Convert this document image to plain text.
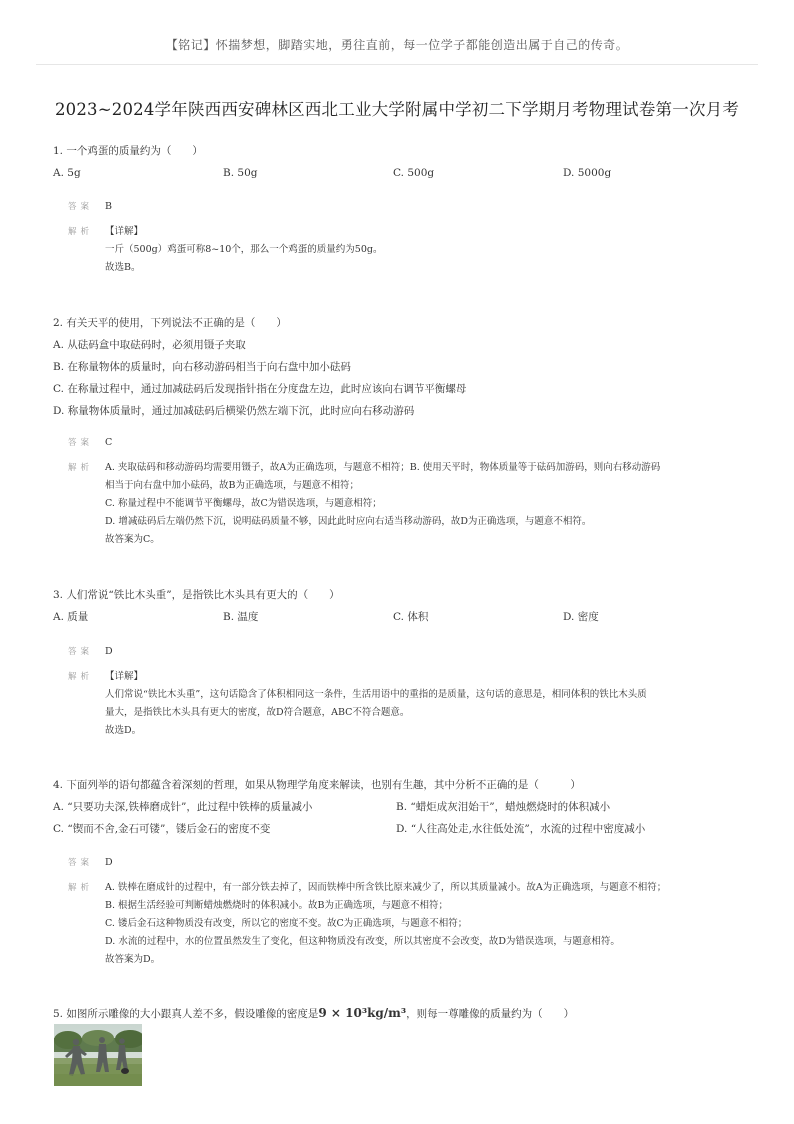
【铭记】怀揣梦想，脚踏实地，勇往直前，每一位学子都能创造出属于自己的传奇。
2023~2024学年陕西西安碑林区西北工业大学附属中学初二下学期月考物理试卷第一次月考
1. 一个鸡蛋的质量约为（　　）
A. 5g	B. 50g	C. 500g	D. 5000g
答案 B
解析 【详解】
一斤（500g）鸡蛋可称8~10个，那么一个鸡蛋的质量约为50g。
故选B。
2. 有关天平的使用，下列说法不正确的是（　　）
A. 从砝码盒中取砝码时，必须用镊子夹取
B. 在称量物体的质量时，向右移动游码相当于向右盘中加小砝码
C. 在称量过程中，通过加减砝码后发现指针指在分度盘左边，此时应该向右调节平衡螺母
D. 称量物体质量时，通过加减砝码后横梁仍然左端下沉，此时应向右移动游码
答案 C
解析 A. 夹取砝码和移动游码均需要用镊子，故A为正确选项，与题意不相符；B. 使用天平时，物体质量等于砝码加游码，则向右移动游码
相当于向右盘中加小砝码，故B为正确选项，与题意不相符；
C. 称量过程中不能调节平衡螺母，故C为错误选项，与题意相符；
D. 增减砝码后左端仍然下沉，说明砝码质量不够，因此此时应向右适当移动游码，故D为正确选项，与题意不相符。
故答案为C。
3. 人们常说“铁比木头重”，是指铁比木头具有更大的（　　）
A. 质量	B. 温度	C. 体积	D. 密度
答案 D
解析 【详解】
人们常说“铁比木头重”，这句话隐含了体积相同这一条件，生活用语中的重指的是质量，这句话的意思是，相同体积的铁比木头质
量大，是指铁比木头具有更大的密度，故D符合题意，ABC不符合题意。
故选D。
4. 下面列举的语句都蕴含着深刻的哲理，如果从物理学角度来解读，也别有生趣，其中分析不正确的是（　　　）
A. “只要功夫深,铁棒磨成针”，此过程中铁棒的质量减小	B. “蜡炬成灰泪始干”，蜡烛燃烧时的体积减小
C. “锲而不舍,金石可镂”，镂后金石的密度不变	D. “人往高处走,水往低处流”，水流的过程中密度减小
答案 D
解析 A. 铁棒在磨成针的过程中，有一部分铁去掉了，因而铁棒中所含铁比原来减少了，所以其质量减小。故A为正确选项，与题意不相符；
B. 根据生活经验可判断蜡烛燃烧时的体积减小。故B为正确选项，与题意不相符；
C. 镂后金石这种物质没有改变，所以它的密度不变。故C为正确选项，与题意不相符；
D. 水流的过程中，水的位置虽然发生了变化，但这种物质没有改变，所以其密度不会改变，故D为错误选项，与题意相符。
故答案为D。
5. 如图所示雕像的大小跟真人差不多，假设雕像的密度是9 × 10³kg/m³，则每一尊雕像的质量约为（　　）
